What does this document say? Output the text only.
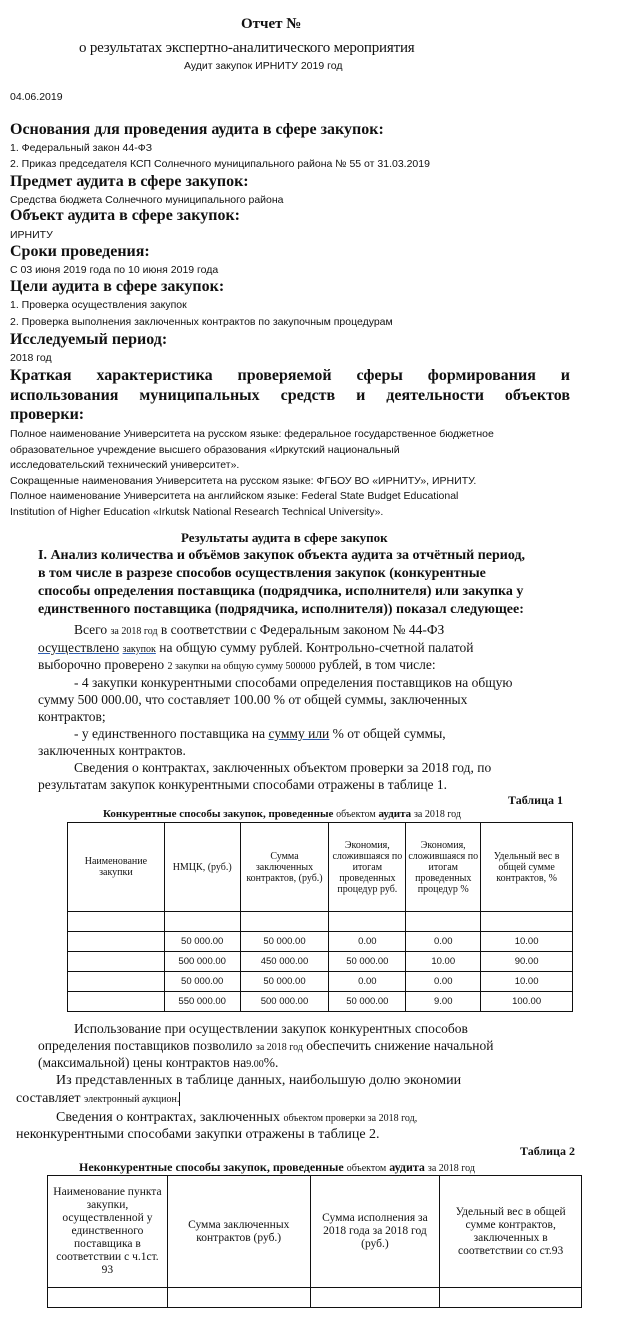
Отчет №
о результатах экспертно-аналитического мероприятия
Аудит закупок ИРНИТУ 2019 год
04.06.2019
Основания для проведения аудита в сфере закупок:
1. Федеральный закон 44-ФЗ
2. Приказ председателя КСП Солнечного муниципального района № 55 от 31.03.2019
Предмет аудита в сфере закупок:
Средства бюджета Солнечного муниципального района
Объект аудита в сфере закупок:
ИРНИТУ
Сроки проведения:
С 03 июня 2019 года по 10 июня 2019 года
Цели аудита в сфере закупок:
1. Проверка осуществления закупок
2. Проверка выполнения заключенных контрактов по закупочным процедурам
Исследуемый период:
2018 год
Краткая характеристика проверяемой сферы формирования и
использования муниципальных средств и деятельности объектов
проверки:
Полное наименование Университета на русском языке: федеральное государственное бюджетное
образовательное учреждение высшего образования «Иркутский национальный
исследовательский технический университет».
Сокращенные наименования Университета на русском языке: ФГБОУ ВО «ИРНИТУ», ИРНИТУ.
Полное наименование Университета на английском языке: Federal State Budget Educational
Institution of Higher Education «Irkutsk National Research Technical University».
Результаты аудита в сфере закупок
I. Анализ количества и объёмов закупок объекта аудита за отчётный период,
в том числе в разрезе способов осуществления закупок (конкурентные
способы определения поставщика (подрядчика, исполнителя) или закупка у
единственного поставщика (подрядчика, исполнителя)) показал следующее:
Всего за 2018 год в соответствии с Федеральным законом № 44-ФЗ
осуществлено закупок на общую сумму рублей. Контрольно-счетной палатой
выборочно проверено 2 закупки на общую сумму 500000 рублей, в том числе:
- 4 закупки конкурентными способами определения поставщиков на общую
сумму 500 000.00, что составляет 100.00 % от общей суммы, заключенных
контрактов;
- у единственного поставщика на сумму или % от общей суммы,
заключенных контрактов.
Сведения о контрактах, заключенных объектом проверки за 2018 год, по
результатам закупок конкурентными способами отражены в таблице 1.
Таблица 1
Конкурентные способы закупок, проведенные объектом аудита за 2018 год
Наименование закупки	НМЦК, (руб.)	Сумма заключенных контрактов, (руб.)	Экономия, сложившаяся по итогам проведенных процедур руб.	Экономия, сложившаяся по итогам проведенных процедур %	Удельный вес в общей сумме контрактов, %

	50 000.00	50 000.00	0.00	0.00	10.00
	500 000.00	450 000.00	50 000.00	10.00	90.00
	50 000.00	50 000.00	0.00	0.00	10.00
	550 000.00	500 000.00	50 000.00	9.00	100.00
Использование при осуществлении закупок конкурентных способов
определения поставщиков позволило за 2018 год обеспечить снижение начальной
(максимальной) цены контрактов на9.00%.
Из представленных в таблице данных, наибольшую долю экономии
составляет электронный аукцион.
Сведения о контрактах, заключенных объектом проверки за 2018 год,
неконкурентными способами закупки отражены в таблице 2.
Таблица 2
Неконкурентные способы закупок, проведенные объектом аудита за 2018 год
Наименование пункта закупки, осуществленной у единственного поставщика в соответствии с ч.1ст. 93	Сумма заключенных контрактов (руб.)	Сумма исполнения за 2018 года за 2018 год (руб.)	Удельный вес в общей сумме контрактов, заключенных в соответствии со ст.93
